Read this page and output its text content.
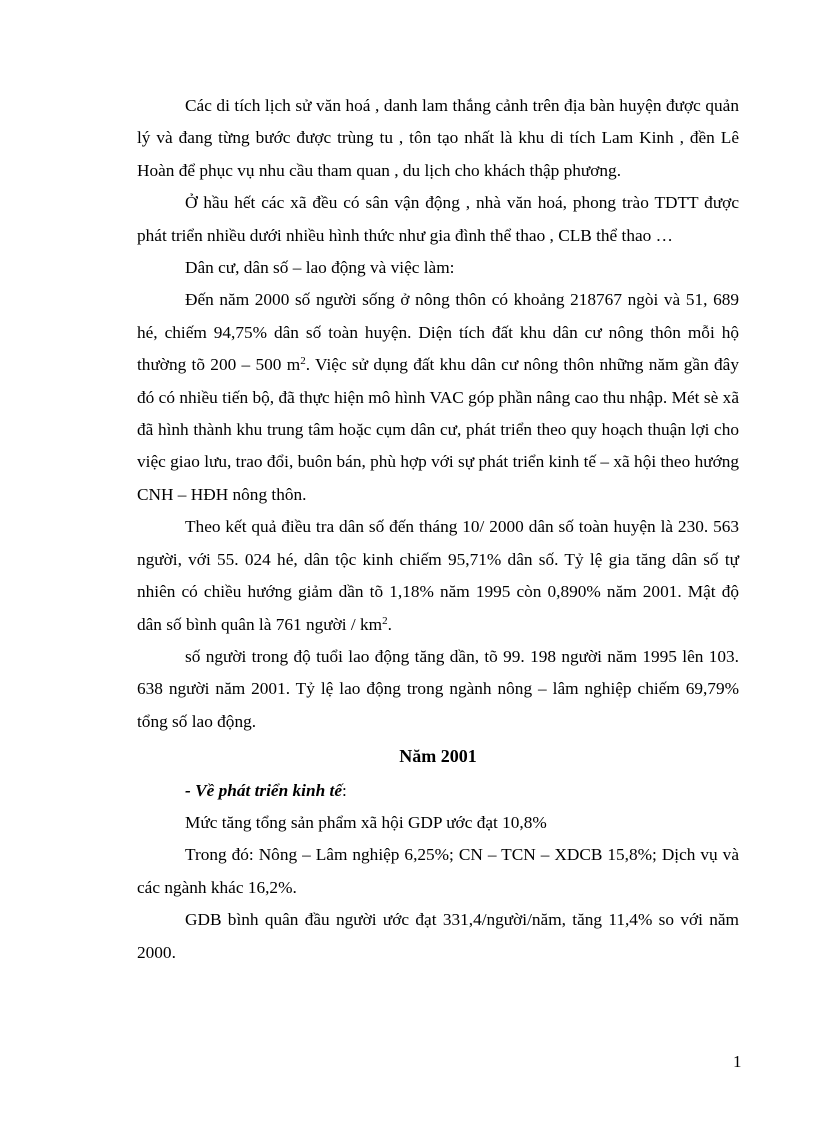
Các di tích lịch sử văn hoá , danh lam thắng cảnh trên địa bàn huyện được quản lý và đang từng bước được trùng tu , tôn tạo nhất là khu di tích Lam Kinh , đền Lê Hoàn để phục vụ nhu cầu tham quan , du lịch cho khách thập phương.

Ở hầu hết các xã đều có sân vận động , nhà văn hoá, phong trào TDTT được phát triển nhiều dưới nhiều hình thức như gia đình thể thao , CLB thể thao …

Dân cư, dân số – lao động và việc làm:

Đến năm 2000 số người sống ở nông thôn có khoảng 218767 ngòi và 51, 689 hé, chiếm 94,75% dân số toàn huyện. Diện tích đất khu dân cư nông thôn mỗi hộ thường tõ 200 – 500 $m^2$. Việc sử dụng đất khu dân cư nông thôn những năm gần đây đó có nhiều tiến bộ, đã thực hiện mô hình VAC góp phần nâng cao thu nhập. Mét sè xã đã hình thành khu trung tâm hoặc cụm dân cư, phát triển theo quy hoạch thuận lợi cho việc giao lưu, trao đổi, buôn bán, phù hợp với sự phát triển kinh tế – xã hội theo hướng CNH – HĐH nông thôn.

Theo kết quả điều tra dân số đến tháng 10/ 2000 dân số toàn huyện là 230. 563 người, với 55. 024 hé, dân tộc kinh chiếm 95,71% dân số. Tỷ lệ gia tăng dân số tự nhiên có chiều hướng giảm dần tõ 1,18% năm 1995 còn 0,890% năm 2001. Mật độ dân số bình quân là 761 người / $km^2$.

số người trong độ tuổi lao động tăng dần, tõ 99. 198 người năm 1995 lên 103. 638 người năm 2001. Tỷ lệ lao động trong ngành nông – lâm nghiệp chiếm 69,79% tổng số lao động.

Năm 2001

- Về phát triển kinh tế:

Mức tăng tổng sản phẩm xã hội GDP ước đạt 10,8%

Trong đó: Nông – Lâm nghiệp 6,25%; CN – TCN – XDCB 15,8%; Dịch vụ và các ngành khác 16,2%.

GDB bình quân đầu người ước đạt 331,4/người/năm, tăng 11,4% so với năm 2000.

1
